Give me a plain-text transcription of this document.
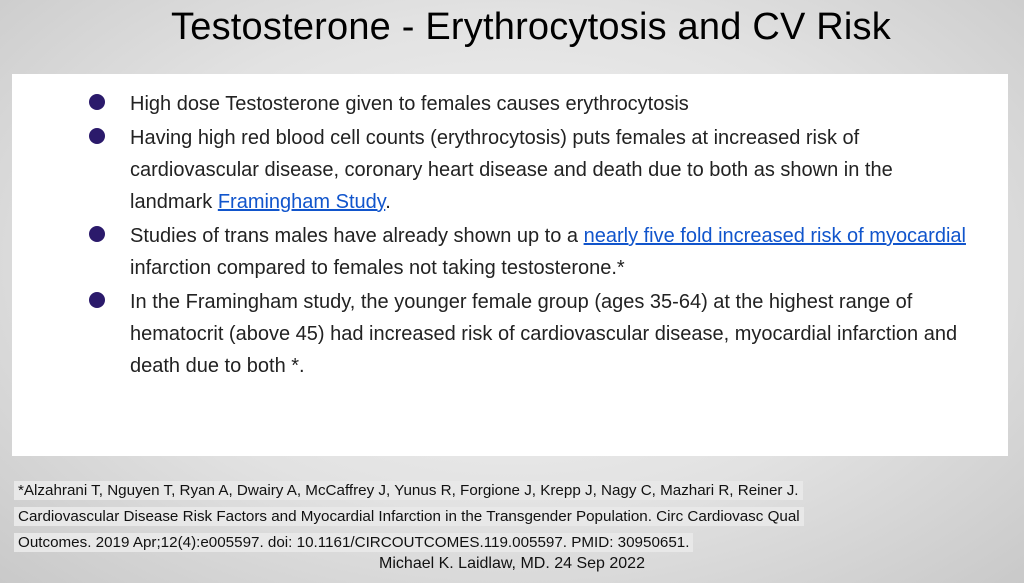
Testosterone - Erythrocytosis and CV Risk
High dose Testosterone given to females causes erythrocytosis
Having high red blood cell counts (erythrocytosis) puts females at increased risk of cardiovascular disease, coronary heart disease and death due to both as shown in the landmark Framingham Study.
Studies of trans males have already shown up to a nearly five fold increased risk of myocardial infarction compared to females not taking testosterone.*
In the Framingham study, the younger female group (ages 35-64) at the highest range of hematocrit (above 45) had increased risk of cardiovascular disease, myocardial infarction and death due to both *.
*Alzahrani T, Nguyen T, Ryan A, Dwairy A, McCaffrey J, Yunus R, Forgione J, Krepp J, Nagy C, Mazhari R, Reiner J.
Cardiovascular Disease Risk Factors and Myocardial Infarction in the Transgender Population. Circ Cardiovasc Qual
Outcomes. 2019 Apr;12(4):e005597. doi: 10.1161/CIRCOUTCOMES.119.005597. PMID: 30950651.
Michael K. Laidlaw, MD. 24 Sep 2022
